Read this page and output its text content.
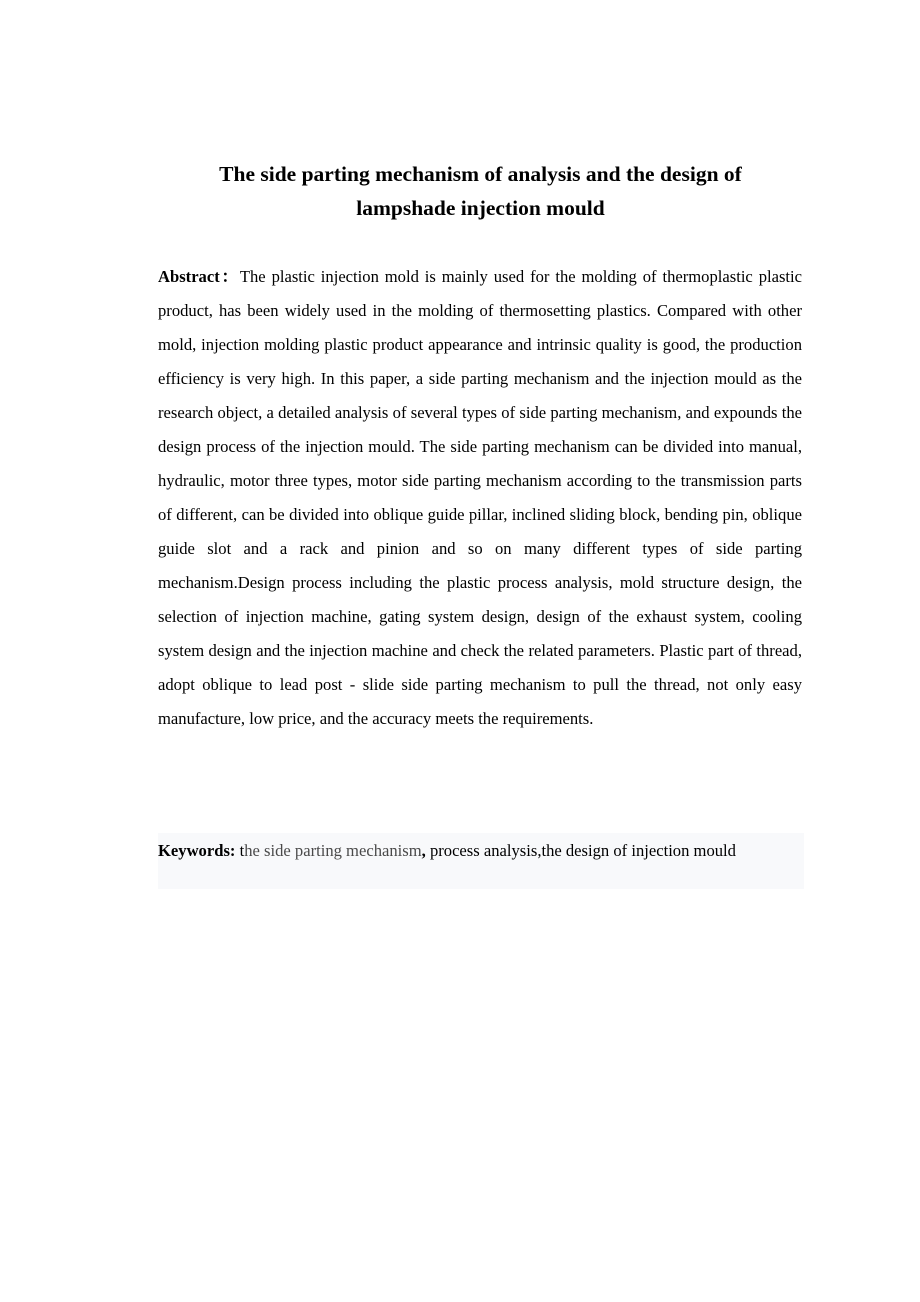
The side parting mechanism of analysis and the design of
lampshade injection mould
Abstract：The plastic injection mold is mainly used for the molding of thermoplastic plastic product, has been widely used in the molding of thermosetting plastics. Compared with other mold, injection molding plastic product appearance and intrinsic quality is good, the production efficiency is very high. In this paper, a side parting mechanism and the injection mould as the research object, a detailed analysis of several types of side parting mechanism, and expounds the design process of the injection mould. The side parting mechanism can be divided into manual, hydraulic, motor three types, motor side parting mechanism according to the transmission parts of different, can be divided into oblique guide pillar, inclined sliding block, bending pin, oblique guide slot and a rack and pinion and so on many different types of side parting mechanism.Design process including the plastic process analysis, mold structure design, the selection of injection machine, gating system design, design of the exhaust system, cooling system design and the injection machine and check the related parameters. Plastic part of thread, adopt oblique to lead post - slide side parting mechanism to pull the thread, not only easy manufacture, low price, and the accuracy meets the requirements.
Keywords: the side parting mechanism, process analysis,the design of injection mould
